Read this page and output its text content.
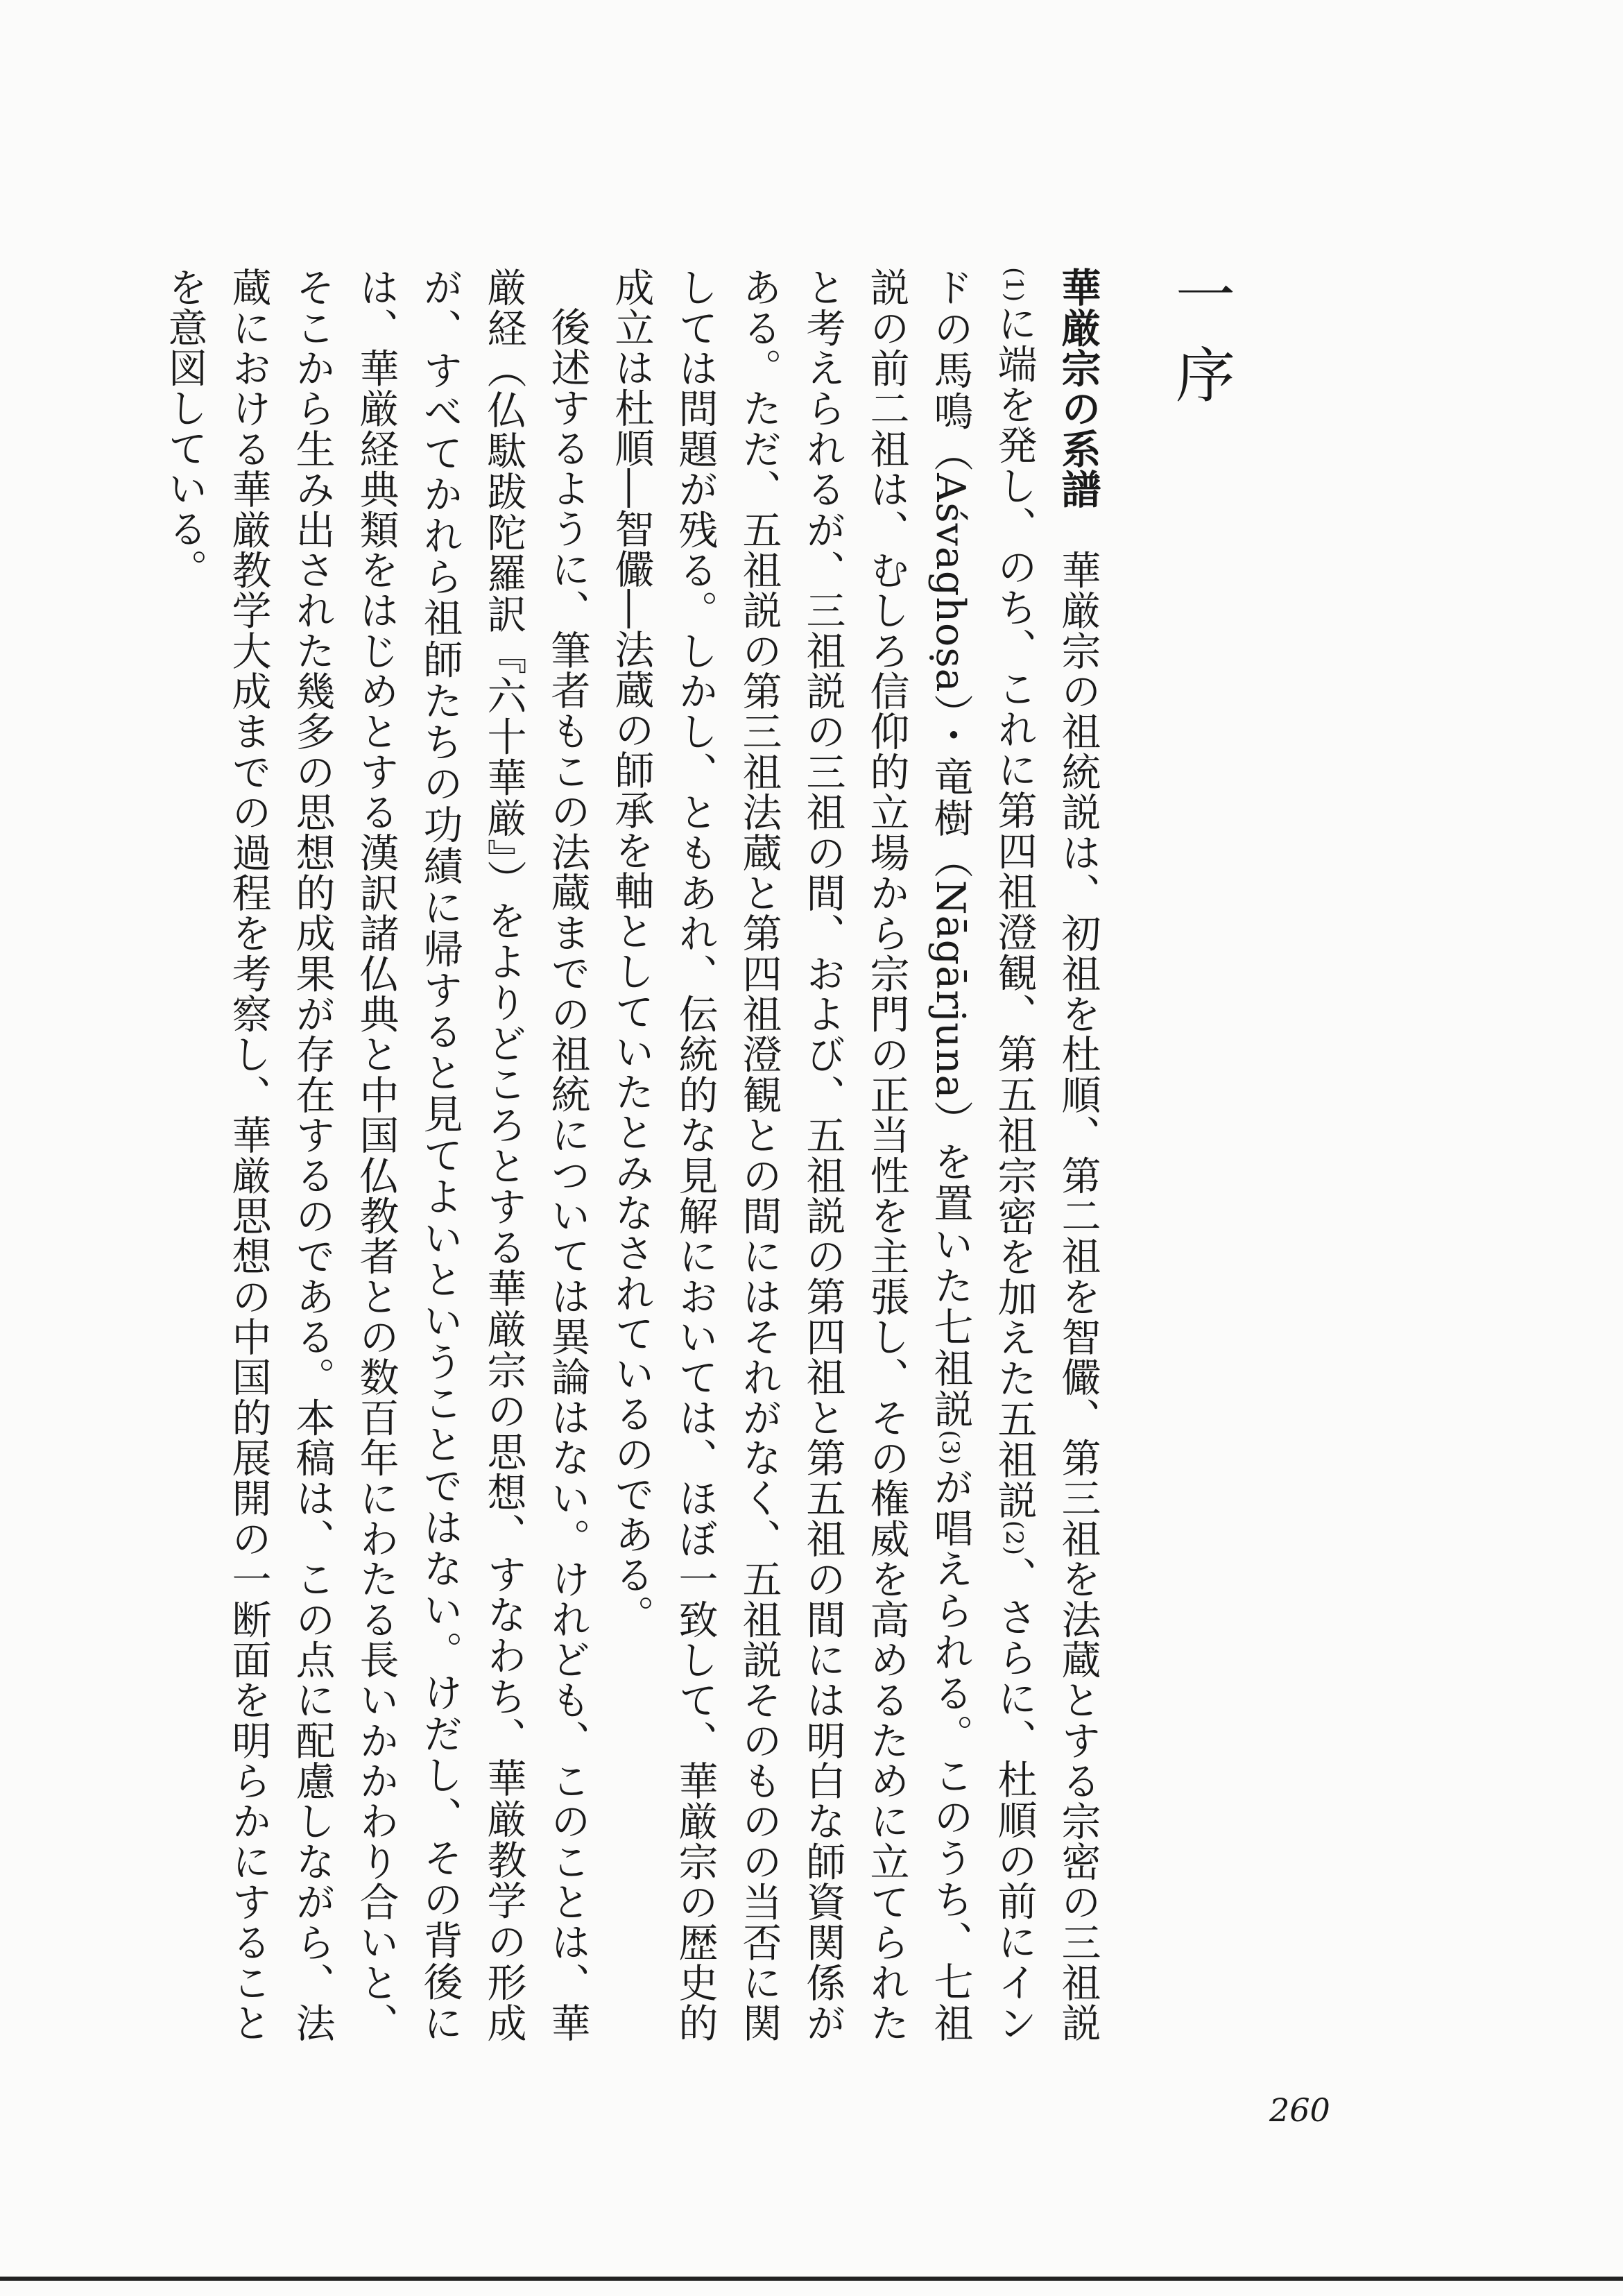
一序

華厳宗の系譜　華厳宗の祖統説は、初祖を杜順、第二祖を智儼、第三祖を法蔵とする宗密の三祖説(1)に端を発し、のち、これに第四祖澄観、第五祖宗密を加えた五祖説(2)、さらに、杜順の前にインドの馬鳴（Aśvaghoṣa）・竜樹（Nāgārjuna）を置いた七祖説(3)が唱えられる。このうち、七祖説の前二祖は、むしろ信仰的立場から宗門の正当性を主張し、その権威を高めるために立てられたと考えられるが、三祖説の三祖の間、および、五祖説の第四祖と第五祖の間には明白な師資関係がある。ただ、五祖説の第三祖法蔵と第四祖澄観との間にはそれがなく、五祖説そのものの当否に関しては問題が残る。しかし、ともあれ、伝統的な見解においては、ほぼ一致して、華厳宗の歴史的成立は杜順―智儼―法蔵の師承を軸としていたとみなされているのである。

後述するように、筆者もこの法蔵までの祖統については異論はない。けれども、このことは、華厳経（仏駄跋陀羅訳『六十華厳』）をよりどころとする華厳宗の思想、すなわち、華厳教学の形成が、すべてかれら祖師たちの功績に帰すると見てよいということではない。けだし、その背後には、華厳経典類をはじめとする漢訳諸仏典と中国仏教者との数百年にわたる長いかかわり合いと、そこから生み出された幾多の思想的成果が存在するのである。本稿は、この点に配慮しながら、法蔵における華厳教学大成までの過程を考察し、華厳思想の中国的展開の一断面を明らかにすることを意図している。

260
